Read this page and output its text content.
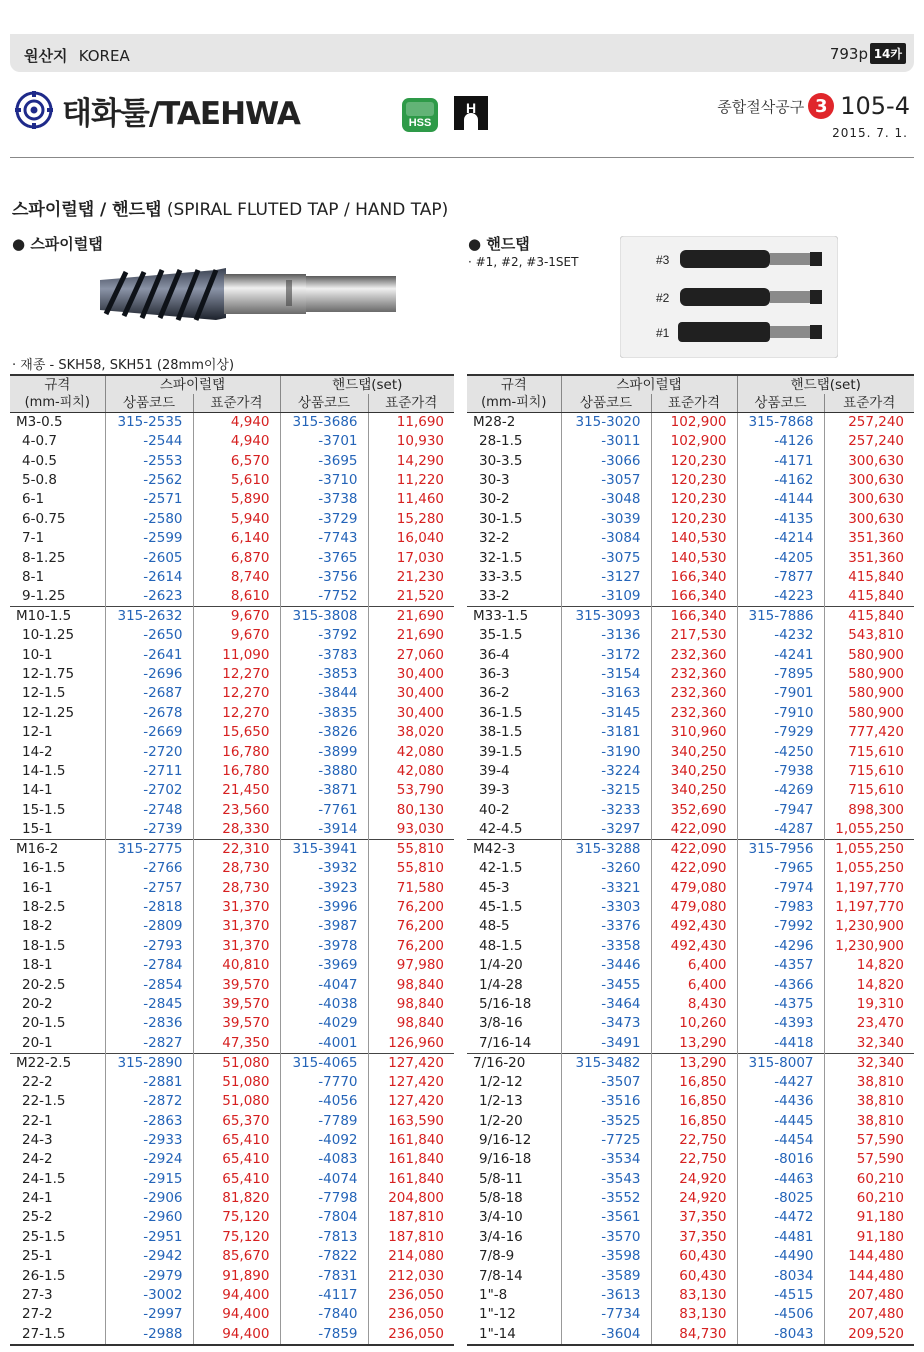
원산지 KOREA	793p 14카
태화툴/TAEHWA	HSS
H	종합절삭공구 3 105-4
2015. 7. 1.
스파이럴탭 / 핸드탭 (SPIRAL FLUTED TAP / HAND TAP)
● 스파이럴탭	● 핸드탭
· #1, #2, #3-1SET
· 재종 - SKH58, SKH51 (28mm이상)
#3
#2
#1
규격	스파이럴탭		핸드탭(set)	
(mm-피치)	상품코드	표준가격	상품코드	표준가격
M3-0.5	315-2535	4,940	315-3686	11,690
4-0.7	-2544	4,940	-3701	10,930
4-0.5	-2553	6,570	-3695	14,290
5-0.8	-2562	5,610	-3710	11,220
6-1	-2571	5,890	-3738	11,460
6-0.75	-2580	5,940	-3729	15,280
7-1	-2599	6,140	-7743	16,040
8-1.25	-2605	6,870	-3765	17,030
8-1	-2614	8,740	-3756	21,230
9-1.25	-2623	8,610	-7752	21,520
M10-1.5	315-2632	9,670	315-3808	21,690
10-1.25	-2650	9,670	-3792	21,690
10-1	-2641	11,090	-3783	27,060
12-1.75	-2696	12,270	-3853	30,400
12-1.5	-2687	12,270	-3844	30,400
12-1.25	-2678	12,270	-3835	30,400
12-1	-2669	15,650	-3826	38,020
14-2	-2720	16,780	-3899	42,080
14-1.5	-2711	16,780	-3880	42,080
14-1	-2702	21,450	-3871	53,790
15-1.5	-2748	23,560	-7761	80,130
15-1	-2739	28,330	-3914	93,030
M16-2	315-2775	22,310	315-3941	55,810
16-1.5	-2766	28,730	-3932	55,810
16-1	-2757	28,730	-3923	71,580
18-2.5	-2818	31,370	-3996	76,200
18-2	-2809	31,370	-3987	76,200
18-1.5	-2793	31,370	-3978	76,200
18-1	-2784	40,810	-3969	97,980
20-2.5	-2854	39,570	-4047	98,840
20-2	-2845	39,570	-4038	98,840
20-1.5	-2836	39,570	-4029	98,840
20-1	-2827	47,350	-4001	126,960
M22-2.5	315-2890	51,080	315-4065	127,420
22-2	-2881	51,080	-7770	127,420
22-1.5	-2872	51,080	-4056	127,420
22-1	-2863	65,370	-7789	163,590
24-3	-2933	65,410	-4092	161,840
24-2	-2924	65,410	-4083	161,840
24-1.5	-2915	65,410	-4074	161,840
24-1	-2906	81,820	-7798	204,800
25-2	-2960	75,120	-7804	187,810
25-1.5	-2951	75,120	-7813	187,810
25-1	-2942	85,670	-7822	214,080
26-1.5	-2979	91,890	-7831	212,030
27-3	-3002	94,400	-4117	236,050
27-2	-2997	94,400	-7840	236,050
27-1.5	-2988	94,400	-7859	236,050
규격	스파이럴탭		핸드탭(set)	
(mm-피치)	상품코드	표준가격	상품코드	표준가격
M28-2	315-3020	102,900	315-7868	257,240
28-1.5	-3011	102,900	-4126	257,240
30-3.5	-3066	120,230	-4171	300,630
30-3	-3057	120,230	-4162	300,630
30-2	-3048	120,230	-4144	300,630
30-1.5	-3039	120,230	-4135	300,630
32-2	-3084	140,530	-4214	351,360
32-1.5	-3075	140,530	-4205	351,360
33-3.5	-3127	166,340	-7877	415,840
33-2	-3109	166,340	-4223	415,840
M33-1.5	315-3093	166,340	315-7886	415,840
35-1.5	-3136	217,530	-4232	543,810
36-4	-3172	232,360	-4241	580,900
36-3	-3154	232,360	-7895	580,900
36-2	-3163	232,360	-7901	580,900
36-1.5	-3145	232,360	-7910	580,900
38-1.5	-3181	310,960	-7929	777,420
39-1.5	-3190	340,250	-4250	715,610
39-4	-3224	340,250	-7938	715,610
39-3	-3215	340,250	-4269	715,610
40-2	-3233	352,690	-7947	898,300
42-4.5	-3297	422,090	-4287	1,055,250
M42-3	315-3288	422,090	315-7956	1,055,250
42-1.5	-3260	422,090	-7965	1,055,250
45-3	-3321	479,080	-7974	1,197,770
45-1.5	-3303	479,080	-7983	1,197,770
48-5	-3376	492,430	-7992	1,230,900
48-1.5	-3358	492,430	-4296	1,230,900
1/4-20	-3446	6,400	-4357	14,820
1/4-28	-3455	6,400	-4366	14,820
5/16-18	-3464	8,430	-4375	19,310
3/8-16	-3473	10,260	-4393	23,470
7/16-14	-3491	13,290	-4418	32,340
7/16-20	315-3482	13,290	315-8007	32,340
1/2-12	-3507	16,850	-4427	38,810
1/2-13	-3516	16,850	-4436	38,810
1/2-20	-3525	16,850	-4445	38,810
9/16-12	-7725	22,750	-4454	57,590
9/16-18	-3534	22,750	-8016	57,590
5/8-11	-3543	24,920	-4463	60,210
5/8-18	-3552	24,920	-8025	60,210
3/4-10	-3561	37,350	-4472	91,180
3/4-16	-3570	37,350	-4481	91,180
7/8-9	-3598	60,430	-4490	144,480
7/8-14	-3589	60,430	-8034	144,480
1"-8	-3613	83,130	-4515	207,480
1"-12	-7734	83,130	-4506	207,480
1"-14	-3604	84,730	-8043	209,520
